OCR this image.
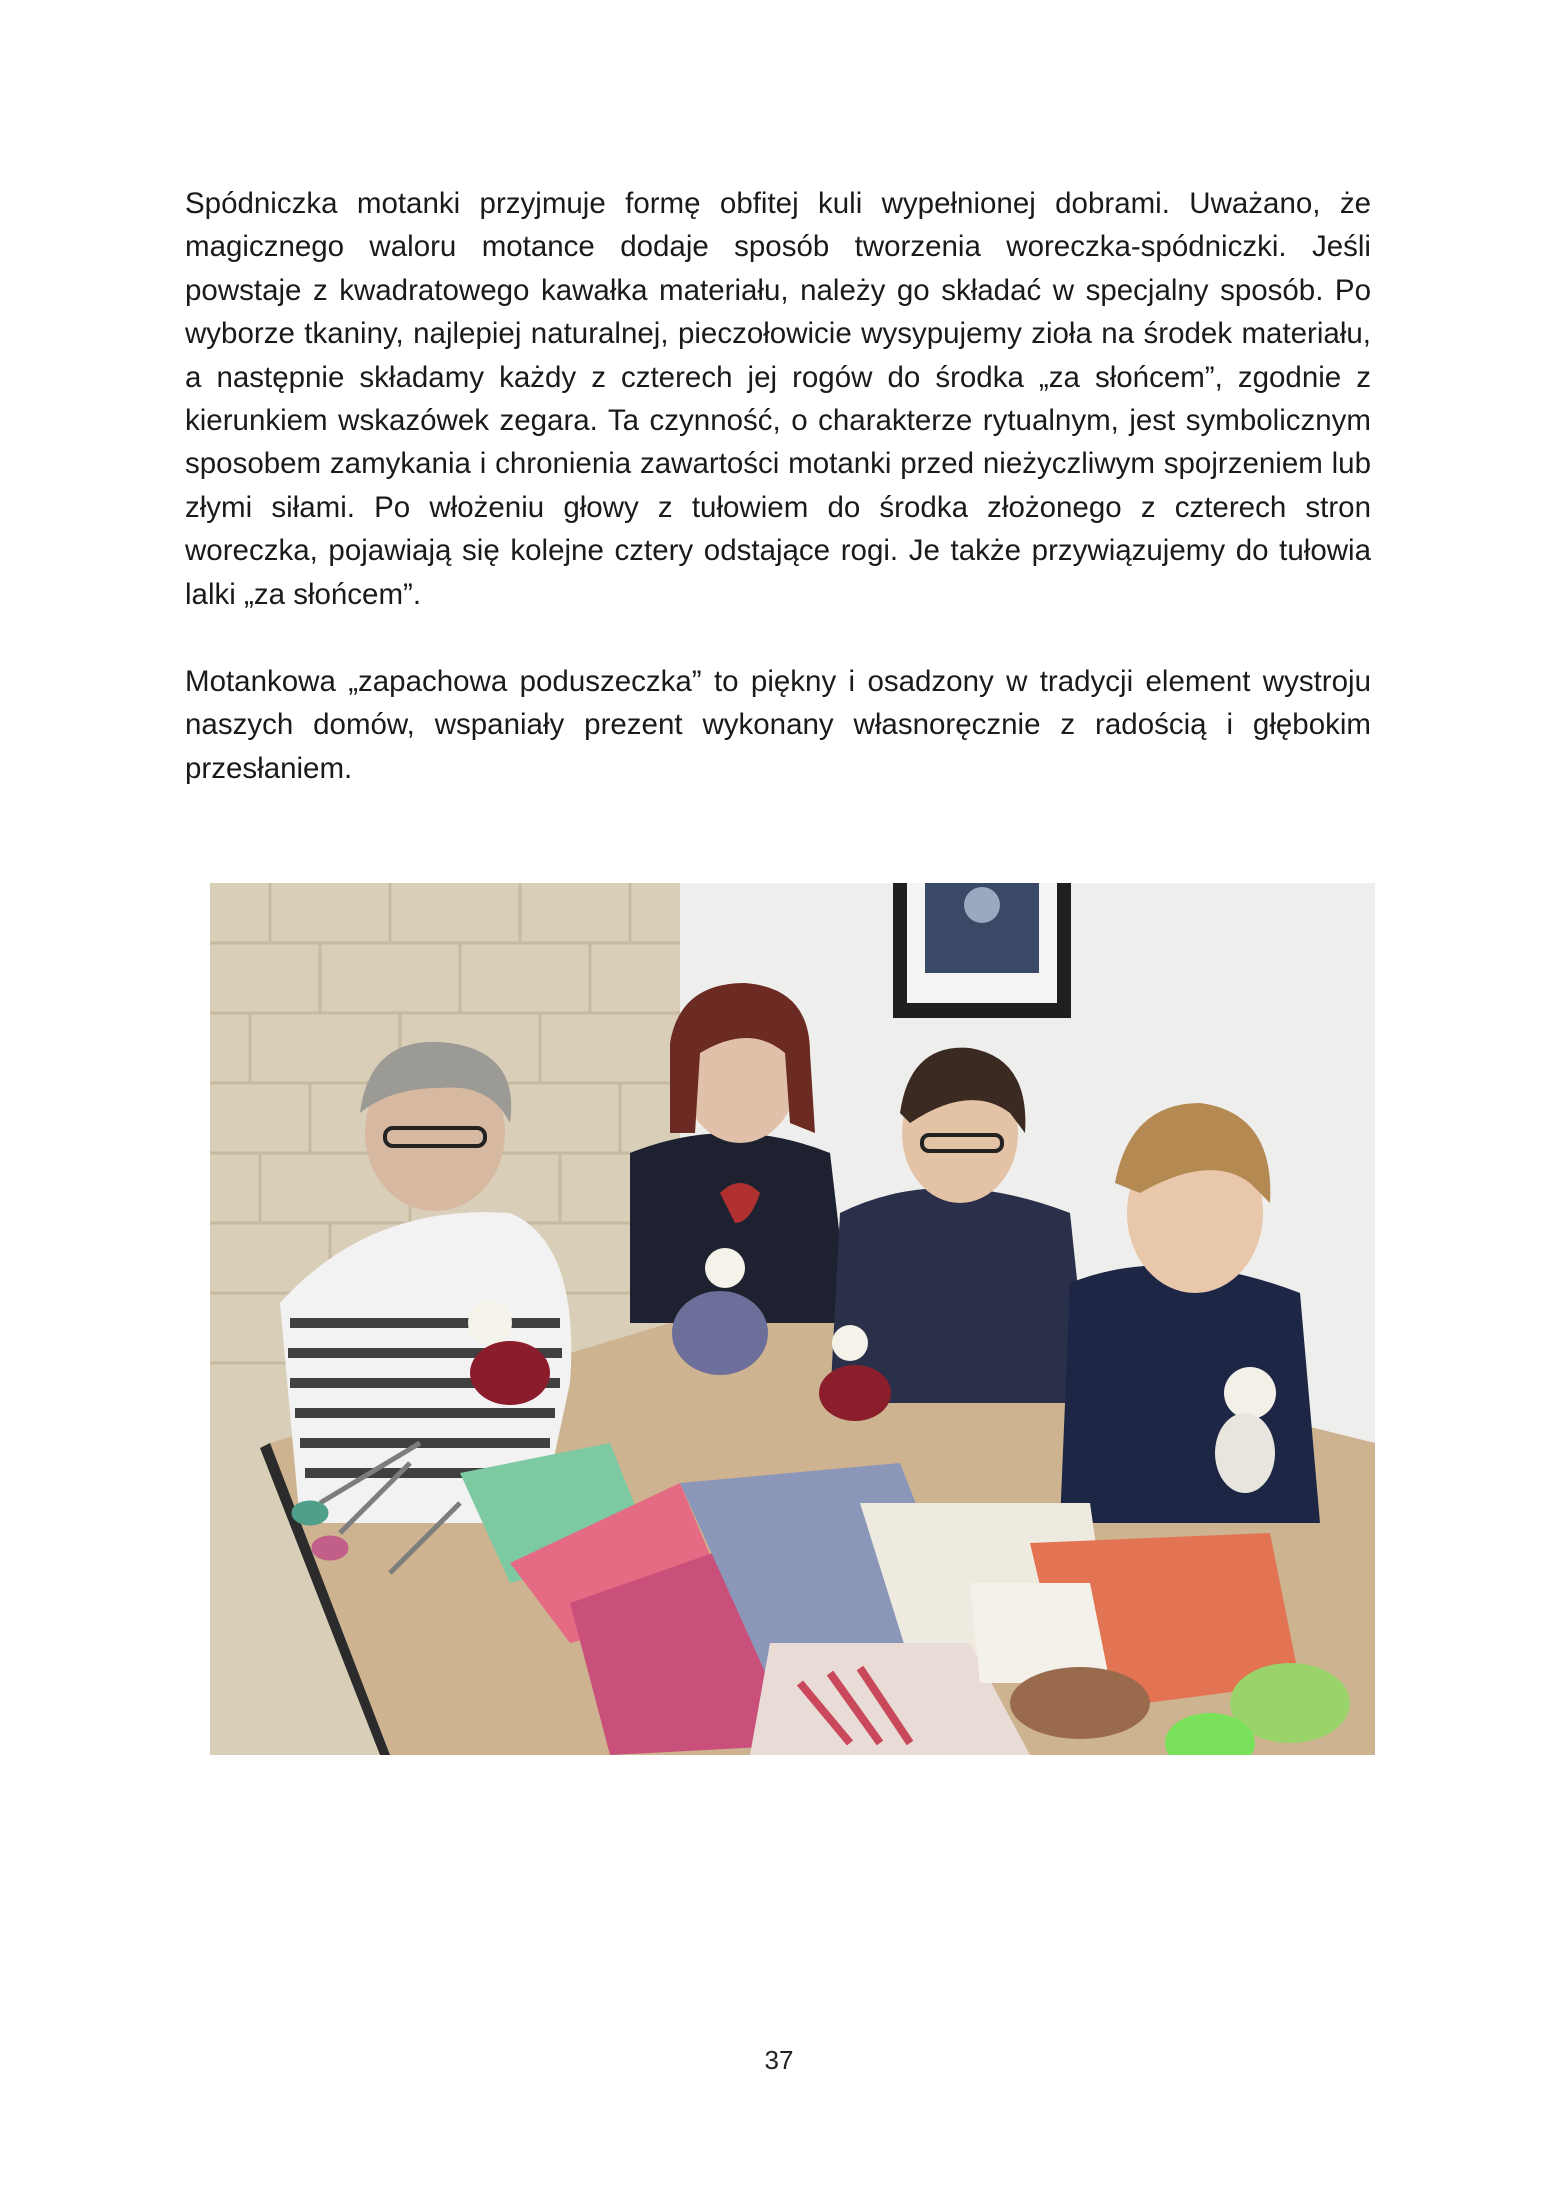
Spódniczka motanki przyjmuje formę obfitej kuli wypełnionej dobrami. Uważano, że magicznego waloru motance dodaje sposób tworzenia woreczka-spódniczki. Jeśli powstaje z kwadratowego kawałka materiału, należy go składać w specjalny sposób. Po wyborze tkaniny, najlepiej naturalnej, pieczołowicie wysypujemy zioła na środek materiału, a następnie składamy każdy z czterech jej rogów do środka „za słońcem”, zgodnie z kierunkiem wskazówek zegara. Ta czynność, o charakterze rytualnym, jest symbolicznym sposobem zamykania i chronienia zawartości motanki przed nieżyczliwym spojrzeniem lub złymi siłami. Po włożeniu głowy z tułowiem do środka złożonego z czterech stron woreczka, pojawiają się kolejne cztery odstające rogi. Je także przywiązujemy do tułowia lalki „za słońcem”.

Motankowa „zapachowa poduszeczka” to piękny i osadzony w tradycji element wystroju naszych domów, wspaniały prezent wykonany własnoręcznie z radością i głębokim przesłaniem.

37
